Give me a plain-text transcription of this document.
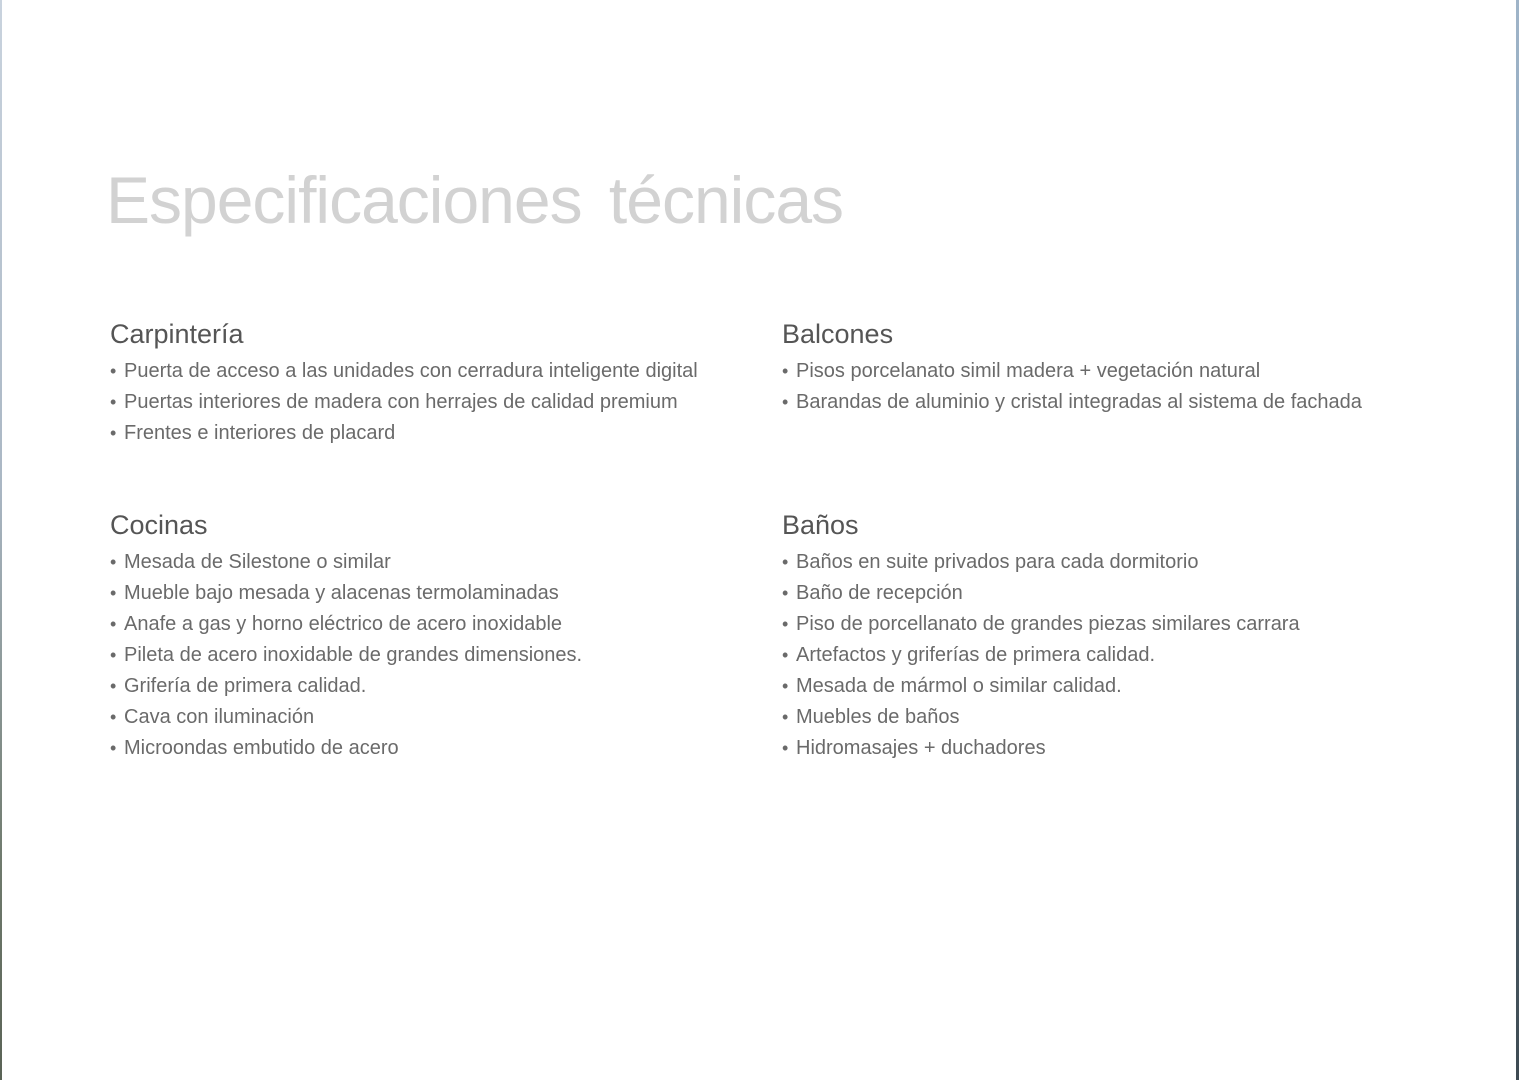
Especificaciones técnicas
Carpintería
• Puerta de acceso a las unidades con cerradura inteligente digital
• Puertas interiores de madera con herrajes de calidad premium
• Frentes e interiores de placard
Balcones
• Pisos porcelanato simil madera + vegetación natural
• Barandas de aluminio y cristal integradas al sistema de fachada
Cocinas
• Mesada de Silestone o similar
• Mueble bajo mesada y alacenas termolaminadas
• Anafe a gas y horno eléctrico de acero inoxidable
• Pileta de acero inoxidable de grandes dimensiones.
• Grifería de primera calidad.
• Cava con iluminación
• Microondas embutido de acero
Baños
• Baños en suite privados para cada dormitorio
• Baño de recepción
• Piso de porcellanato de grandes piezas similares carrara
• Artefactos y griferías de primera calidad.
• Mesada de mármol o similar calidad.
• Muebles de baños
• Hidromasajes + duchadores
